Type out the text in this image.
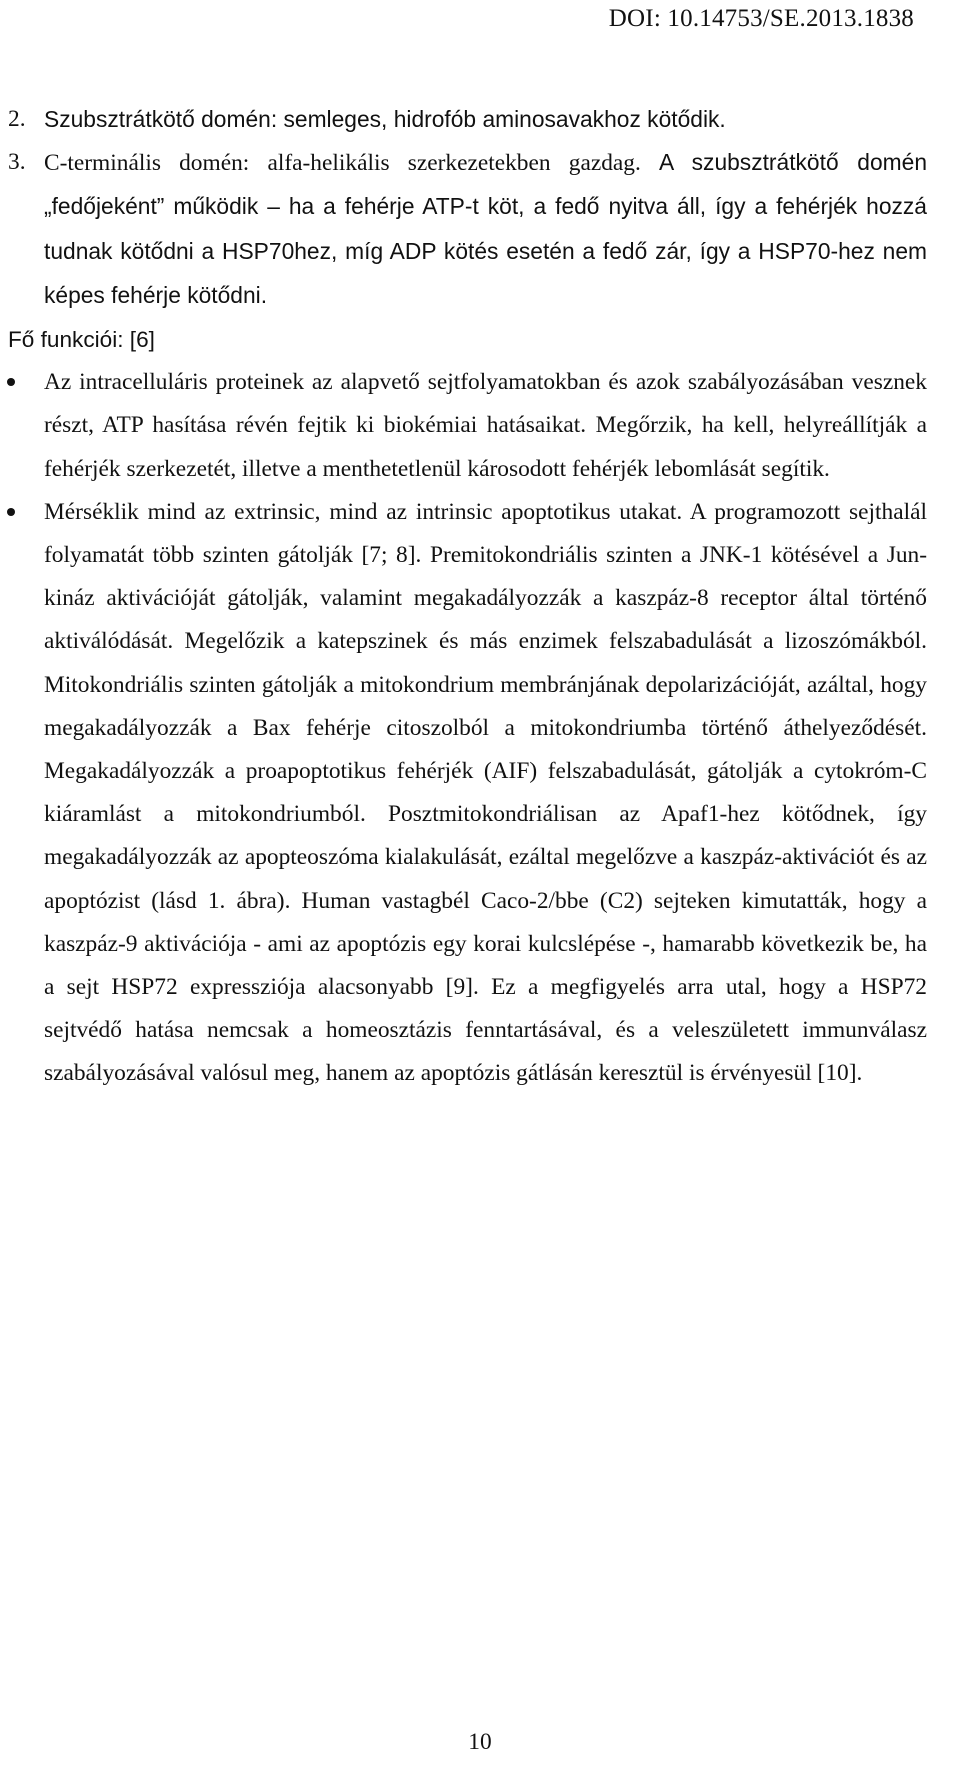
DOI: 10.14753/SE.2013.1838
2. Szubsztrátkötő domén: semleges, hidrofób aminosavakhoz kötődik.
3. C-terminális domén: alfa-helikális szerkezetekben gazdag. A szubsztrátkötő domén „fedőjeként” működik – ha a fehérje ATP-t köt, a fedő nyitva áll, így a fehérjék hozzá tudnak kötődni a HSP70hez, míg ADP kötés esetén a fedő zár, így a HSP70-hez nem képes fehérje kötődni.
Fő funkciói: [6]
Az intracelluláris proteinek az alapvető sejtfolyamatokban és azok szabályozásában vesznek részt, ATP hasítása révén fejtik ki biokémiai hatásaikat. Megőrzik, ha kell, helyreállítják a fehérjék szerkezetét, illetve a menthetetlenül károsodott fehérjék lebomlását segítik.
Mérséklik mind az extrinsic, mind az intrinsic apoptotikus utakat. A programozott sejthalál folyamatát több szinten gátolják [7; 8]. Premitokondriális szinten a JNK-1 kötésével a Jun-kináz aktivációját gátolják, valamint megakadályozzák a kaszpáz-8 receptor által történő aktiválódását. Megelőzik a katepszinek és más enzimek felszabadulását a lizoszómákból. Mitokondriális szinten gátolják a mitokondrium membránjának depolarizációját, azáltal, hogy megakadályozzák a Bax fehérje citoszolból a mitokondriumba történő áthelyeződését. Megakadályozzák a proapoptotikus fehérjék (AIF) felszabadulását, gátolják a cytokróm-C kiáramlást a mitokondriumból. Posztmitokondriálisan az Apaf1-hez kötődnek, így megakadályozzák az apopteoszóma kialakulását, ezáltal megelőzve a kaszpáz-aktivációt és az apoptózist (lásd 1. ábra). Human vastagbél Caco-2/bbe (C2) sejteken kimutatták, hogy a kaszpáz-9 aktivációja - ami az apoptózis egy korai kulcslépése -, hamarabb következik be, ha a sejt HSP72 expressziója alacsonyabb [9]. Ez a megfigyelés arra utal, hogy a HSP72 sejtvédő hatása nemcsak a homeosztázis fenntartásával, és a veleszületett immunválasz szabályozásával valósul meg, hanem az apoptózis gátlásán keresztül is érvényesül [10].
10
